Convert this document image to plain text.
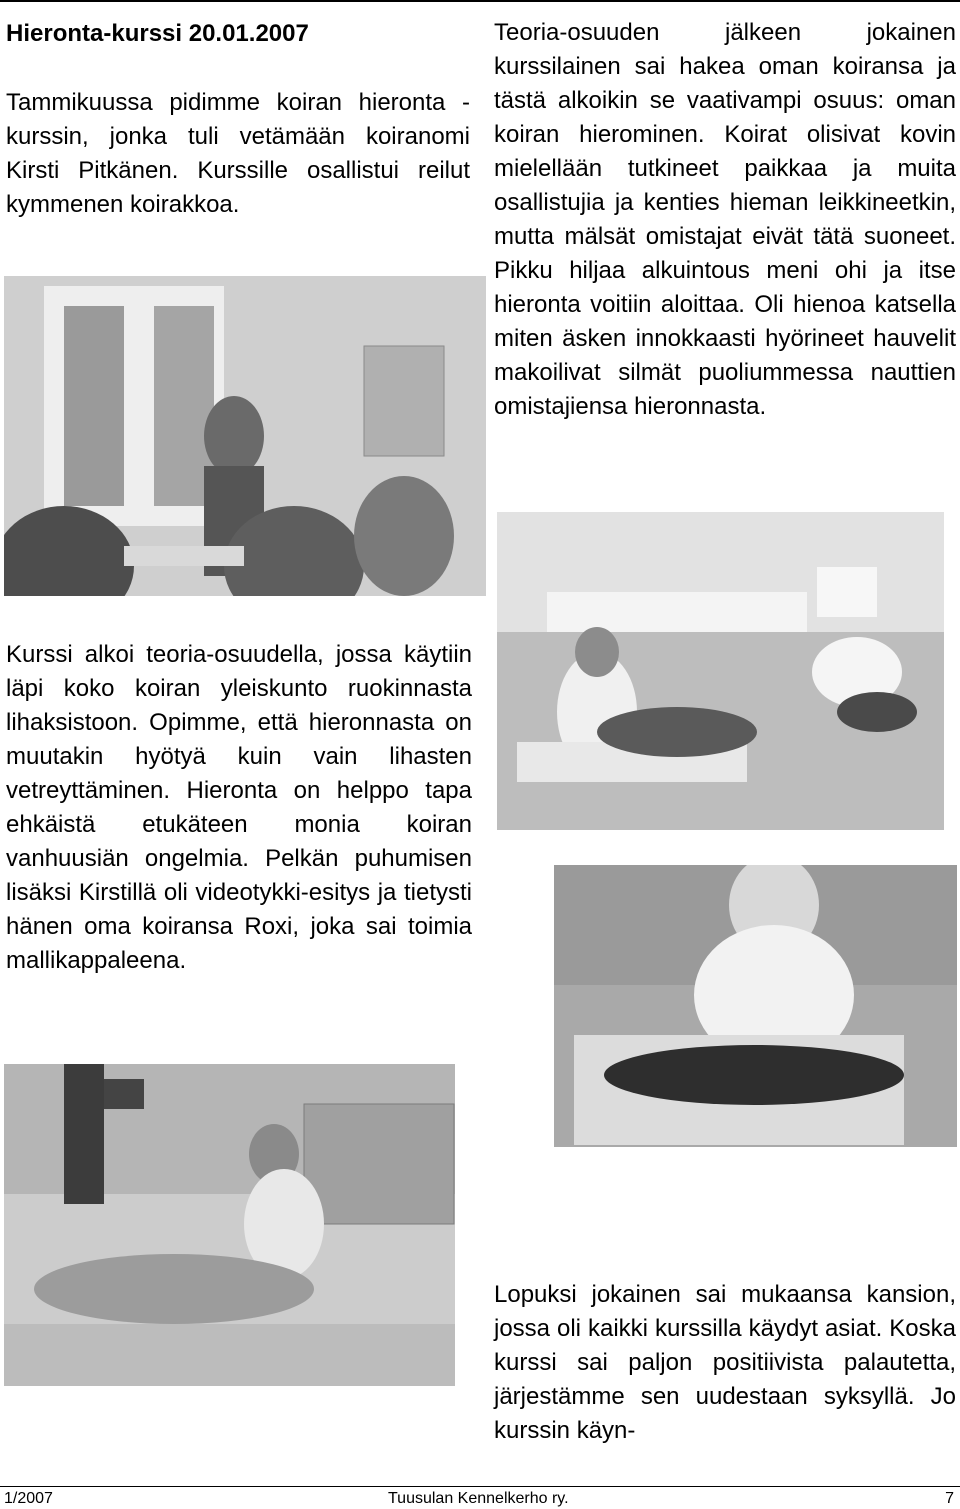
Hieronta-kurssi 20.01.2007

Tammikuussa pidimme koiran hieronta -kurssin, jonka tuli vetämään koiranomi Kirsti Pitkänen. Kurssille osallistui reilut kymmenen koirakkoa.

Teoria-osuuden jälkeen jokainen kurssilainen sai hakea oman koiransa ja tästä alkoikin se vaativampi osuus: oman koiran hierominen. Koirat olisivat kovin mielellään tutkineet paikkaa ja muita osallistujia ja kenties hieman leikkineetkin, mutta mälsät omistajat eivät tätä suoneet. Pikku hiljaa alkuintous meni ohi ja itse hieronta voitiin aloittaa. Oli hienoa katsella miten äsken innokkaasti hyörineet hauvelit makoilivat silmät puoliummessa nauttien omistajiensa hieronnasta.

Kurssi alkoi teoria-osuudella, jossa käytiin läpi koko koiran yleiskunto ruokinnasta lihaksistoon. Opimme, että hieronnasta on muutakin hyötyä kuin vain lihasten vetreyttäminen. Hieronta on helppo tapa ehkäistä etukäteen monia koiran vanhuusiän ongelmia. Pelkän puhumisen lisäksi Kirstillä oli videotykki-esitys ja tietysti hänen oma koiransa Roxi, joka sai toimia mallikappaleena.

Lopuksi jokainen sai mukaansa kansion, jossa oli kaikki kurssilla käydyt asiat. Koska kurssi sai paljon positiivista palautetta, järjestämme sen uudestaan syksyllä. Jo kurssin käyn-

1/2007	Tuusulan Kennelkerho ry.	7
